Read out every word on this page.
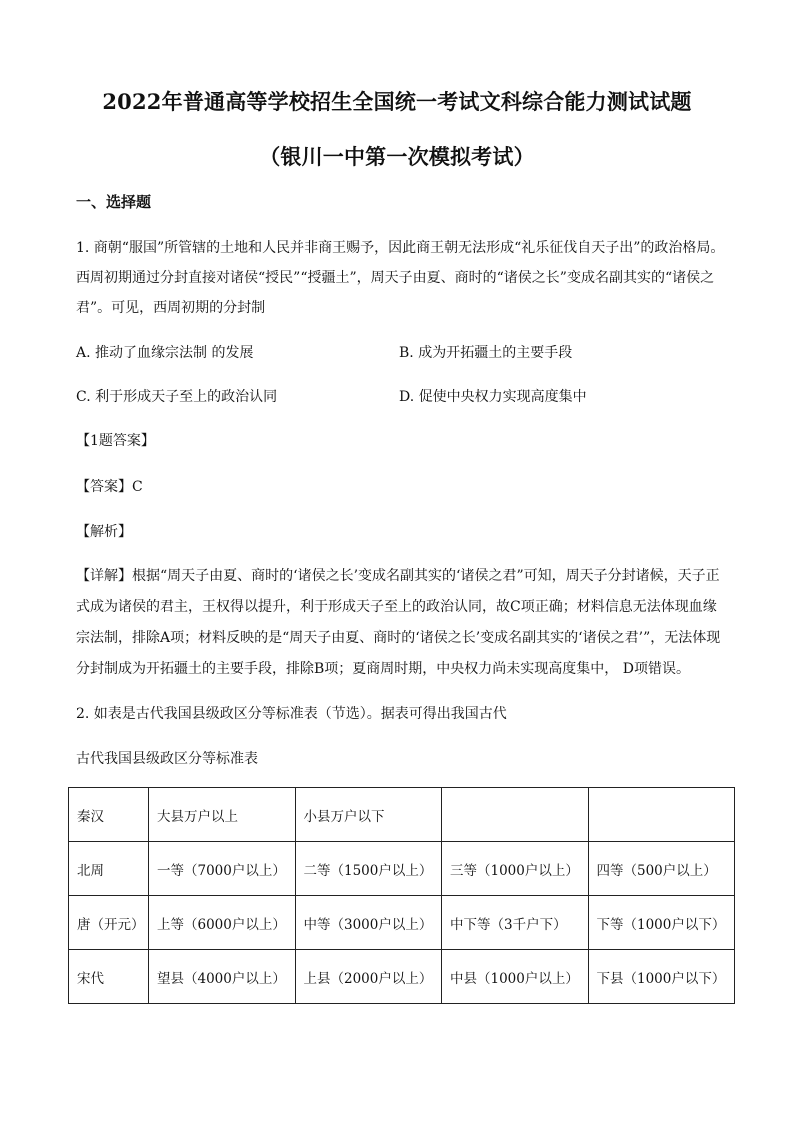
2022年普通高等学校招生全国统一考试文科综合能力测试试题
（银川一中第一次模拟考试）
一、选择题
1. 商朝“服国”所管辖的土地和人民并非商王赐予，因此商王朝无法形成“礼乐征伐自天子出”的政治格局。
西周初期通过分封直接对诸侯“授民”“授疆土”，周天子由夏、商时的“诸侯之长”变成名副其实的“诸侯之
君”。可见，西周初期的分封制
A. 推动了血缘宗法制 的发展	B. 成为开拓疆土的主要手段
C. 利于形成天子至上的政治认同	D. 促使中央权力实现高度集中
【1题答案】
【答案】C
【解析】
【详解】根据“周天子由夏、商时的‘诸侯之长’变成名副其实的‘诸侯之君”可知，周天子分封诸候，天子正
式成为诸侯的君主，王权得以提升，利于形成天子至上的政治认同，故C项正确；材料信息无法体现血缘
宗法制，排除A项；材料反映的是“周天子由夏、商时的‘诸侯之长’变成名副其实的‘诸侯之君’”，无法体现
分封制成为开拓疆土的主要手段，排除B项；夏商周时期，中央权力尚未实现高度集中， D项错误。
2. 如表是古代我国县级政区分等标准表（节选）。据表可得出我国古代
古代我国县级政区分等标准表
秦汉	大县万户以上	小县万户以下		
北周	一等（7000户以上）	二等（1500户以上）	三等（1000户以上）	四等（500户以上）
唐（开元）	上等（6000户以上）	中等（3000户以上）	中下等（3千户下）	下等（1000户以下）
宋代	望县（4000户以上）	上县（2000户以上）	中县（1000户以上）	下县（1000户以下）
